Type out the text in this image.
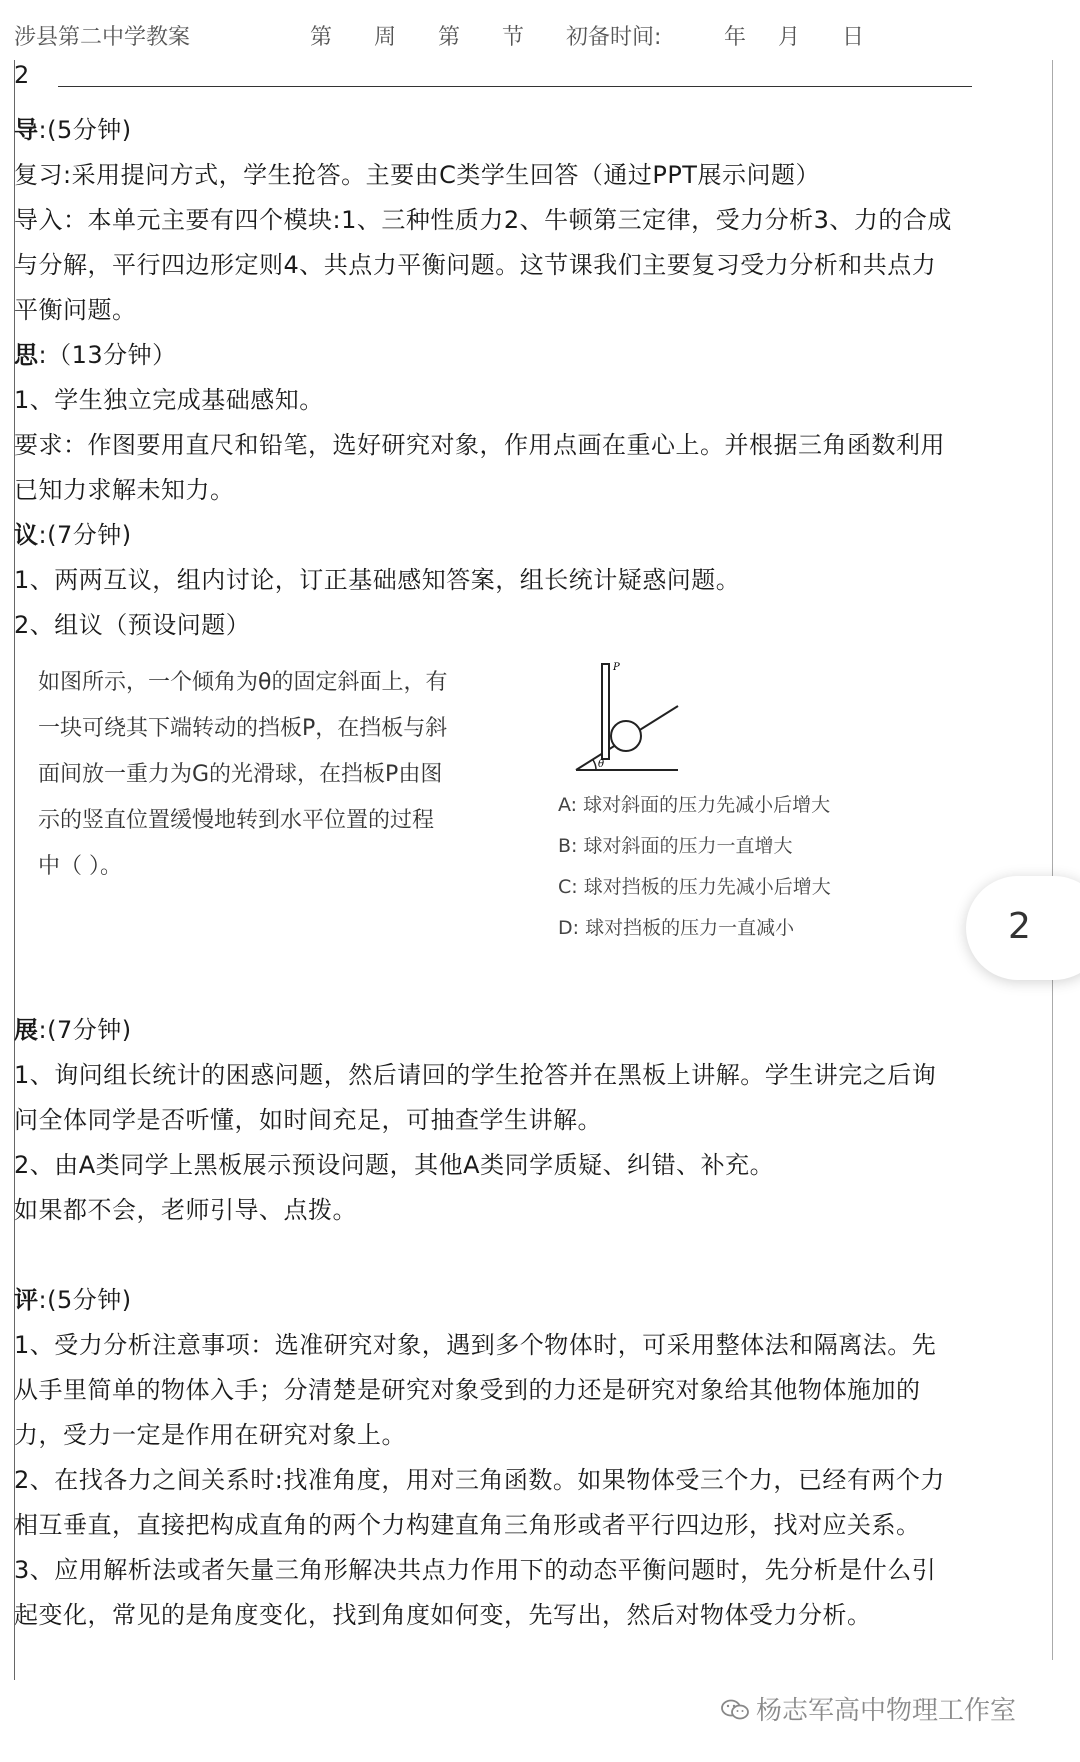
涉县第二中学教案	第 周 第 节 初备时间:	年 月 日
2
导:(5分钟)
复习:采用提问方式，学生抢答。主要由C类学生回答（通过PPT展示问题）
导入：本单元主要有四个模块:1、三种性质力2、牛顿第三定律，受力分析3、力的合成
与分解，平行四边形定则4、共点力平衡问题。这节课我们主要复习受力分析和共点力
平衡问题。
思:（13分钟）
1、学生独立完成基础感知。
要求：作图要用直尺和铅笔，选好研究对象，作用点画在重心上。并根据三角函数利用
已知力求解未知力。
议:(7分钟)
1、两两互议，组内讨论，订正基础感知答案，组长统计疑惑问题。
2、组议（预设问题）
展:(7分钟)
1、询问组长统计的困惑问题，然后请回的学生抢答并在黑板上讲解。学生讲完之后询
问全体同学是否听懂，如时间充足，可抽查学生讲解。
2、由A类同学上黑板展示预设问题，其他A类同学质疑、纠错、补充。
如果都不会，老师引导、点拨。
评:(5分钟)
1、受力分析注意事项：选准研究对象，遇到多个物体时，可采用整体法和隔离法。先
从手里简单的物体入手；分清楚是研究对象受到的力还是研究对象给其他物体施加的
力，受力一定是作用在研究对象上。
2、在找各力之间关系时:找准角度，用对三角函数。如果物体受三个力，已经有两个力
相互垂直，直接把构成直角的两个力构建直角三角形或者平行四边形，找对应关系。
3、应用解析法或者矢量三角形解决共点力作用下的动态平衡问题时，先分析是什么引
起变化，常见的是角度变化，找到角度如何变，先写出，然后对物体受力分析。
如图所示，一个倾角为θ的固定斜面上，有
一块可绕其下端转动的挡板P，在挡板与斜
面间放一重力为G的光滑球，在挡板P由图
示的竖直位置缓慢地转到水平位置的过程
中（ ）。
P
θ
A: 球对斜面的压力先减小后增大
B: 球对斜面的压力一直增大
C: 球对挡板的压力先减小后增大
D: 球对挡板的压力一直减小	2
杨志军高中物理工作室
